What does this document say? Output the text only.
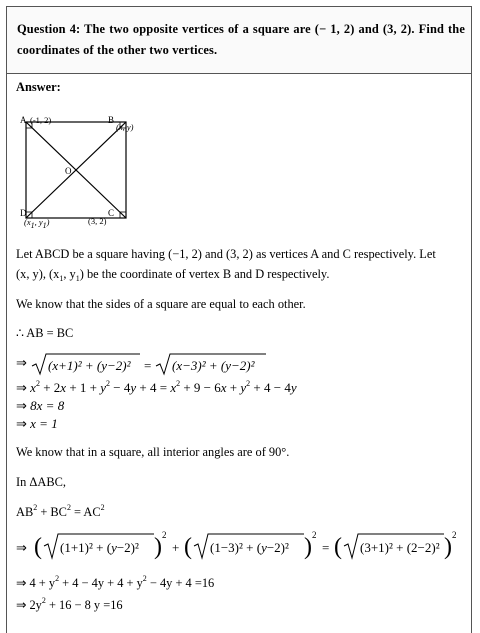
Question 4: The two opposite vertices of a square are (− 1, 2) and (3, 2). Find the coordinates of the other two vertices.
Answer:
A (-1, 2)	B
(x, y)
O
D
($x_1$, $y_1$)
C
(3, 2)
Let ABCD be a square having (−1, 2) and (3, 2) as vertices A and C respectively. Let
(x, y), ($x_1$, $y_1$) be the coordinate of vertex B and D respectively.
We know that the sides of a square are equal to each other.
∴ AB = BC
⇒ (x+1)² + (y−2)² = (x−3)² + (y−2)²
⇒ $x^2 + 2x + 1 + y^2 - 4y + 4 = x^2 + 9 - 6x + y^2 + 4 - 4y$
⇒ 8x = 8
⇒ x = 1
We know that in a square, all interior angles are of 90°.
In ΔABC,
$AB^2 + BC^2 = AC^2$
⇒ ( (1+1)² + (y−2)² ) 2
+ ( (1−3)² + (y−2)² ) 2
= ( (3+1)² + (2−2)² ) 2
⇒ $4 + y^2 + 4 - 4y + 4 + y^2 - 4y + 4 =16$
⇒ $2y^2 + 16 - 8$ y =16
